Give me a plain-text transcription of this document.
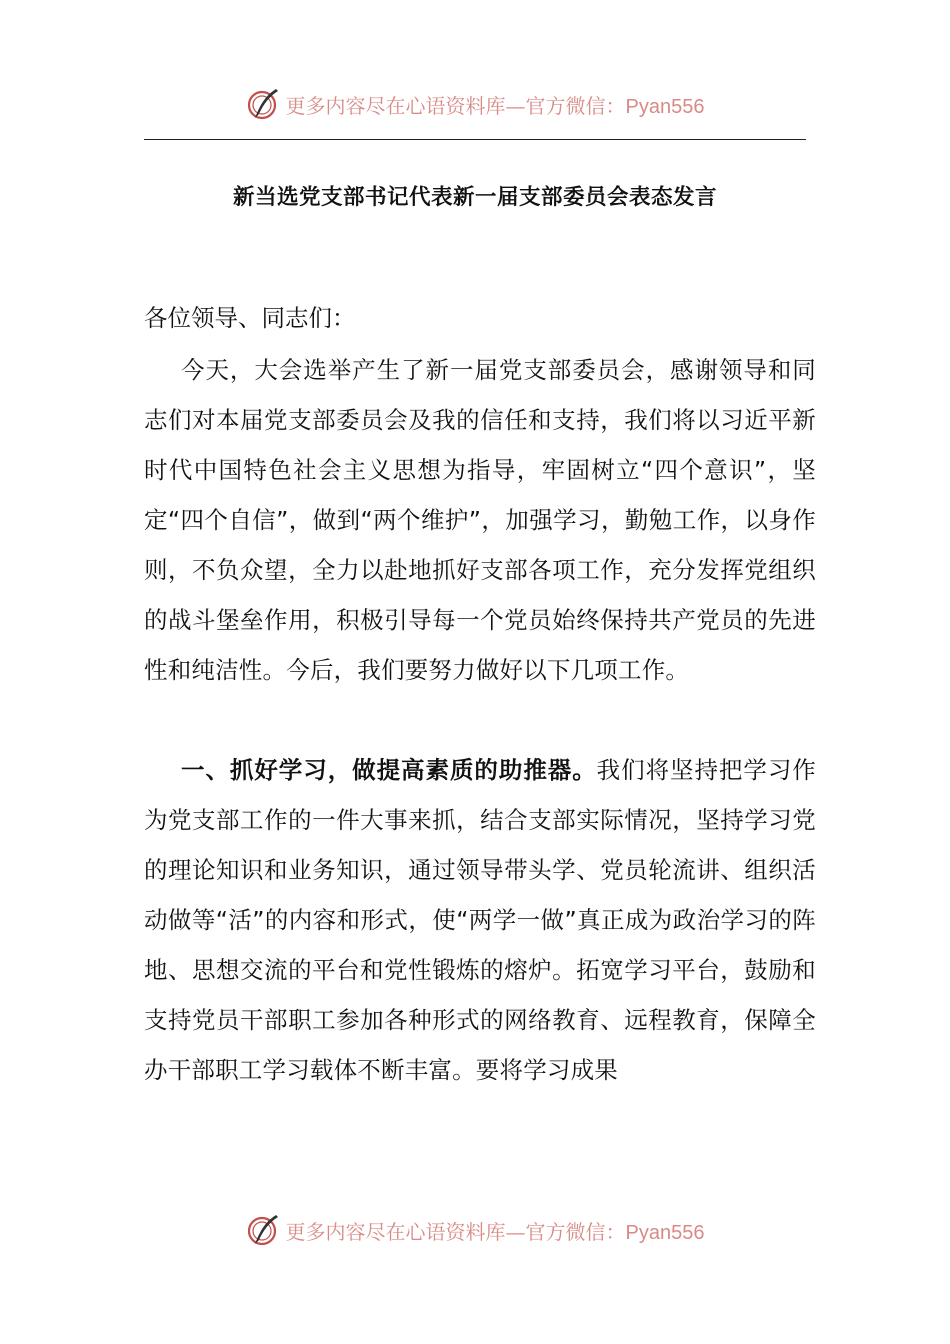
更多内容尽在心语资料库—官方微信：Pyan556
新当选党支部书记代表新一届支部委员会表态发言
各位领导、同志们：
今天，大会选举产生了新一届党支部委员会，感谢领导和同志们对本届党支部委员会及我的信任和支持，我们将以习近平新时代中国特色社会主义思想为指导，牢固树立“四个意识”，坚定“四个自信”，做到“两个维护”，加强学习，勤勉工作，以身作则，不负众望，全力以赴地抓好支部各项工作，充分发挥党组织的战斗堡垒作用，积极引导每一个党员始终保持共产党员的先进性和纯洁性。今后，我们要努力做好以下几项工作。
一、抓好学习，做提高素质的助推器。我们将坚持把学习作为党支部工作的一件大事来抓，结合支部实际情况，坚持学习党的理论知识和业务知识，通过领导带头学、党员轮流讲、组织活动做等“活”的内容和形式，使“两学一做”真正成为政治学习的阵地、思想交流的平台和党性锻炼的熔炉。拓宽学习平台，鼓励和支持党员干部职工参加各种形式的网络教育、远程教育，保障全办干部职工学习载体不断丰富。要将学习成果
更多内容尽在心语资料库—官方微信：Pyan556
